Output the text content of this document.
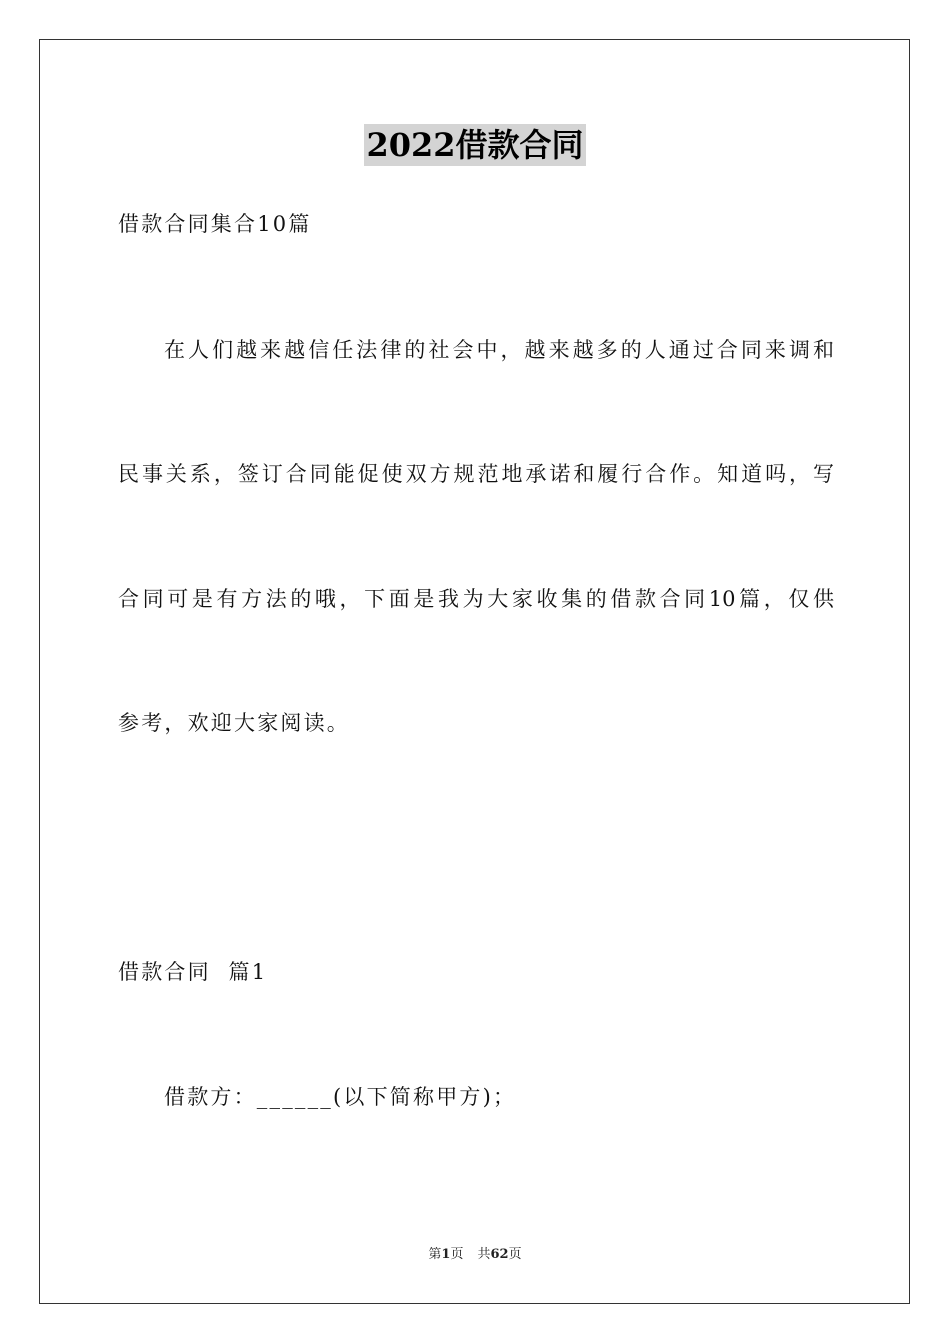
2022借款合同
借款合同集合10篇
在人们越来越信任法律的社会中，越来越多的人通过合同来调和
民事关系，签订合同能促使双方规范地承诺和履行合作。知道吗，写
合同可是有方法的哦，下面是我为大家收集的借款合同10篇，仅供
参考，欢迎大家阅读。
借款合同  篇1
借款方：______(以下简称甲方)；
第1页 共62页
